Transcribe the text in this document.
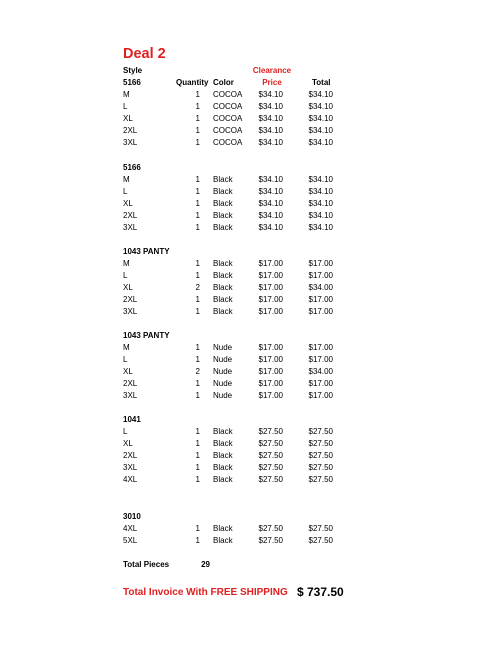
Deal 2
Style	Clearance
Quantity Color	Price	Total
5166
M	1 COCOA	$34.10	$34.10
L	1 COCOA	$34.10	$34.10
XL	1 COCOA	$34.10	$34.10
2XL	1 COCOA	$34.10	$34.10
3XL	1 COCOA	$34.10	$34.10
5166
M	1 Black	$34.10	$34.10
L	1 Black	$34.10	$34.10
XL	1 Black	$34.10	$34.10
2XL	1 Black	$34.10	$34.10
3XL	1 Black	$34.10	$34.10
1043 PANTY
M	1 Black	$17.00	$17.00
L	1 Black	$17.00	$17.00
XL	2 Black	$17.00	$34.00
2XL	1 Black	$17.00	$17.00
3XL	1 Black	$17.00	$17.00
1043 PANTY
M	1 Nude	$17.00	$17.00
L	1 Nude	$17.00	$17.00
XL	2 Nude	$17.00	$34.00
2XL	1 Nude	$17.00	$17.00
3XL	1 Nude	$17.00	$17.00
1041
L	1 Black	$27.50	$27.50
XL	1 Black	$27.50	$27.50
2XL	1 Black	$27.50	$27.50
3XL	1 Black	$27.50	$27.50
4XL	1 Black	$27.50	$27.50
3010
4XL	1 Black	$27.50	$27.50
5XL	1 Black	$27.50	$27.50
Total Pieces	29
Total Invoice With FREE SHIPPING $ 737.50
